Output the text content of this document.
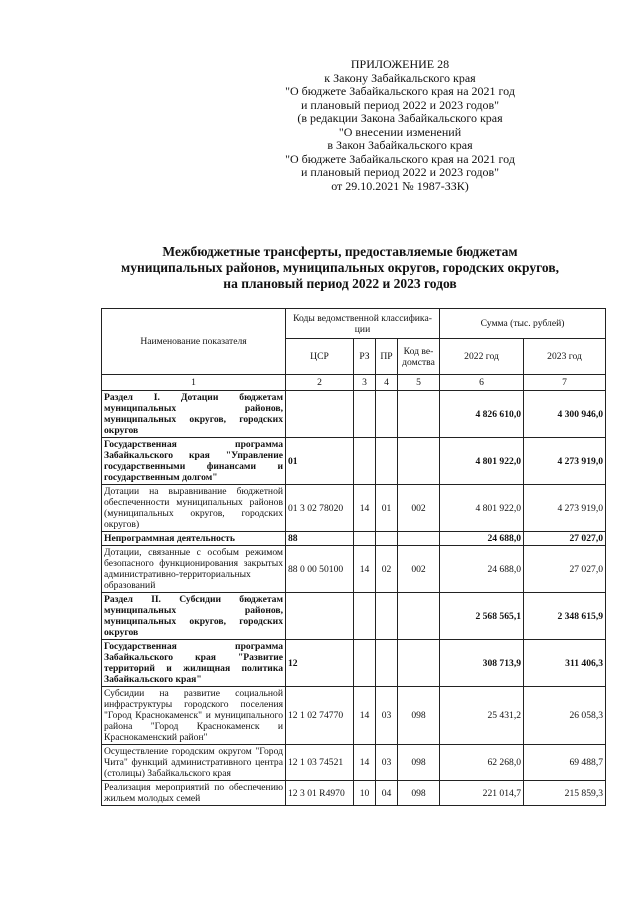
ПРИЛОЖЕНИЕ 28
к Закону Забайкальского края
"О бюджете Забайкальского края на 2021 год
и плановый период 2022 и 2023 годов"
(в редакции Закона Забайкальского края
"О внесении изменений
в Закон Забайкальского края
"О бюджете Забайкальского края на 2021 год
и плановый период 2022 и 2023 годов"
от 29.10.2021 № 1987-ЗЗК)
Межбюджетные трансферты, предоставляемые бюджетам
муниципальных районов, муниципальных округов, городских округов,
на плановый период 2022 и 2023 годов
Наименование показателя	Коды ведомственной классифика-ции				Сумма (тыс. рублей)	
	ЦСР	РЗ	ПР	Код ве-домства	2022 год	2023 год
1	2	3	4	5	6	7
Раздел I. Дотации бюджетам муниципальных районов, муниципальных округов, городских округов					4 826 610,0	4 300 946,0
Государственная программа Забайкальского края "Управление государственными финансами и государственным долгом"	01				4 801 922,0	4 273 919,0
Дотации на выравнивание бюджетной обеспеченности муниципальных районов (муниципальных округов, городских округов)	01 3 02 78020	14	01	002	4 801 922,0	4 273 919,0
Непрограммная деятельность	88				24 688,0	27 027,0
Дотации, связанные с особым режимом безопасного функционирования закрытых административно-территориальных образований	88 0 00 50100	14	02	002	24 688,0	27 027,0
Раздел II. Субсидии бюджетам муниципальных районов, муниципальных округов, городских округов					2 568 565,1	2 348 615,9
Государственная программа Забайкальского края "Развитие территорий и жилищная политика Забайкальского края"	12				308 713,9	311 406,3
Субсидии на развитие социальной инфраструктуры городского поселения "Город Краснокаменск" и муниципального района "Город Краснокаменск и Краснокаменский район"	12 1 02 74770	14	03	098	25 431,2	26 058,3
Осуществление городским округом "Город Чита" функций административного центра (столицы) Забайкальского края	12 1 03 74521	14	03	098	62 268,0	69 488,7
Реализация мероприятий по обеспечению жильем молодых семей	12 3 01 R4970	10	04	098	221 014,7	215 859,3
